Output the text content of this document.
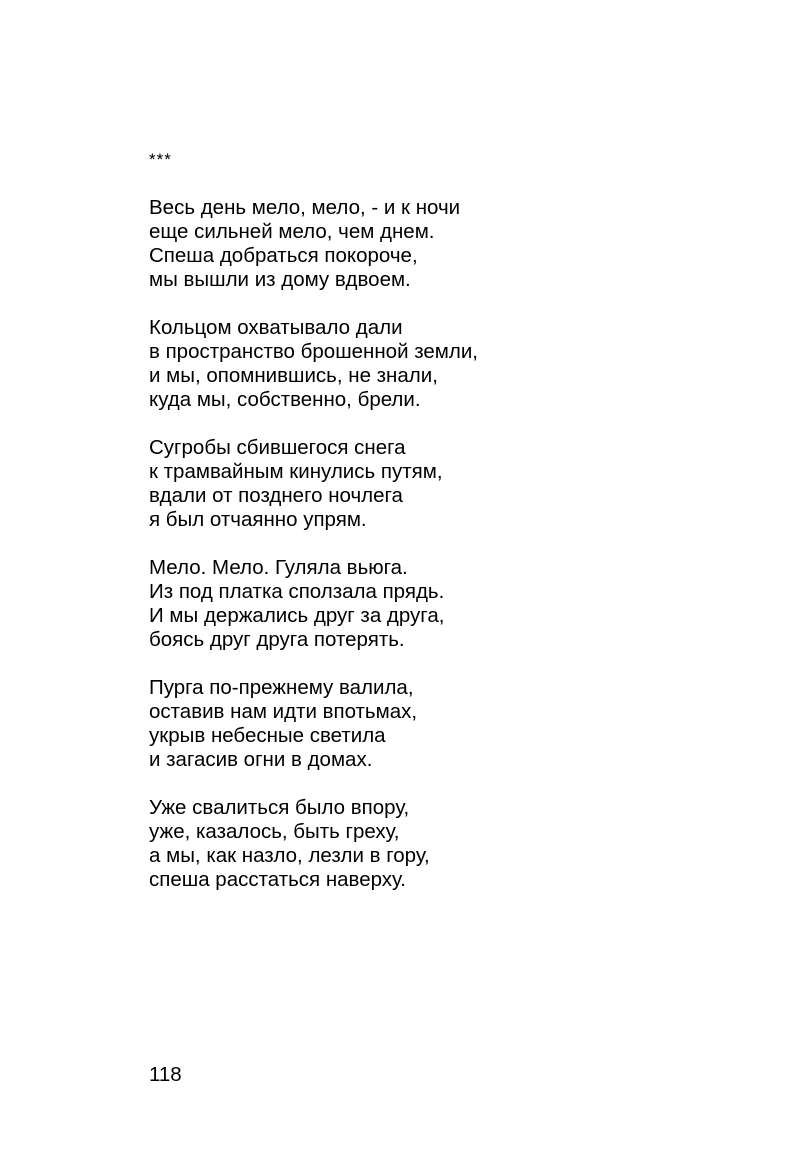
***
Весь день мело, мело, - и к ночи
еще сильней мело, чем днем.
Спеша добраться покороче,
мы вышли из дому вдвоем.
Кольцом охватывало дали
в пространство брошенной земли,
и мы, опомнившись, не знали,
куда мы, собственно, брели.
Сугробы сбившегося снега
к трамвайным кинулись путям,
вдали от позднего ночлега
я был отчаянно упрям.
Мело. Мело. Гуляла вьюга.
Из под платка сползала прядь.
И мы держались друг за друга,
боясь друг друга потерять.
Пурга по-прежнему валила,
оставив нам идти впотьмах,
укрыв небесные светила
и загасив огни в домах.
Уже свалиться было впору,
уже, казалось, быть греху,
а мы, как назло, лезли в гору,
спеша расстаться наверху.
118
